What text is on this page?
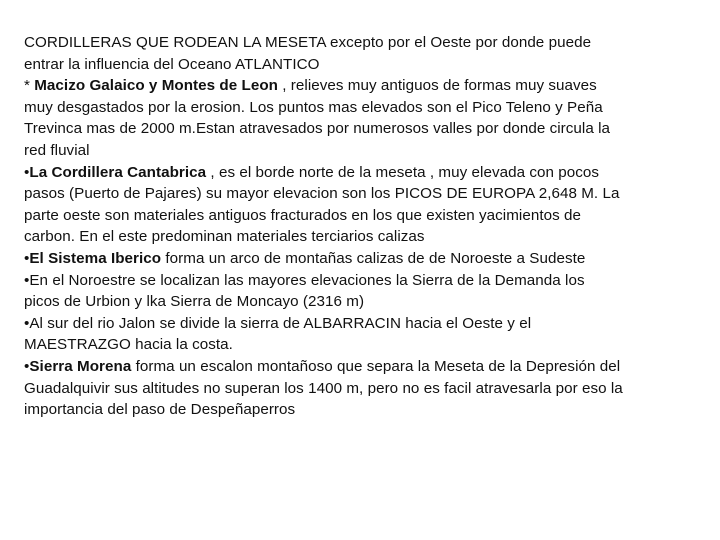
CORDILLERAS QUE RODEAN LA MESETA excepto por el Oeste por donde puede entrar la influencia del Oceano ATLANTICO

* Macizo Galaico y Montes de Leon , relieves muy antiguos de formas muy suaves muy desgastados por la erosion. Los puntos mas elevados son el Pico Teleno y Peña Trevinca mas de 2000 m.Estan atravesados por numerosos valles por donde circula la red fluvial

•La Cordillera Cantabrica , es el borde norte de la meseta , muy elevada con pocos pasos (Puerto de Pajares) su mayor elevacion son los PICOS DE EUROPA 2,648 M. La parte oeste son materiales antiguos fracturados en los que existen yacimientos de carbon. En el este predominan materiales terciarios calizas

•El Sistema Iberico forma un arco de montañas calizas de de Noroeste a Sudeste

•En el Noroestre se localizan las mayores elevaciones la Sierra de la Demanda los picos de Urbion y lka Sierra de Moncayo (2316 m)

•Al sur del rio Jalon se divide la sierra de ALBARRACIN hacia el Oeste y el MAESTRAZGO hacia la costa.

•Sierra Morena forma un escalon montañoso que separa la Meseta de la Depresión del Guadalquivir sus altitudes no superan los 1400 m, pero no es facil atravesarla por eso la importancia del paso de Despeñaperros
